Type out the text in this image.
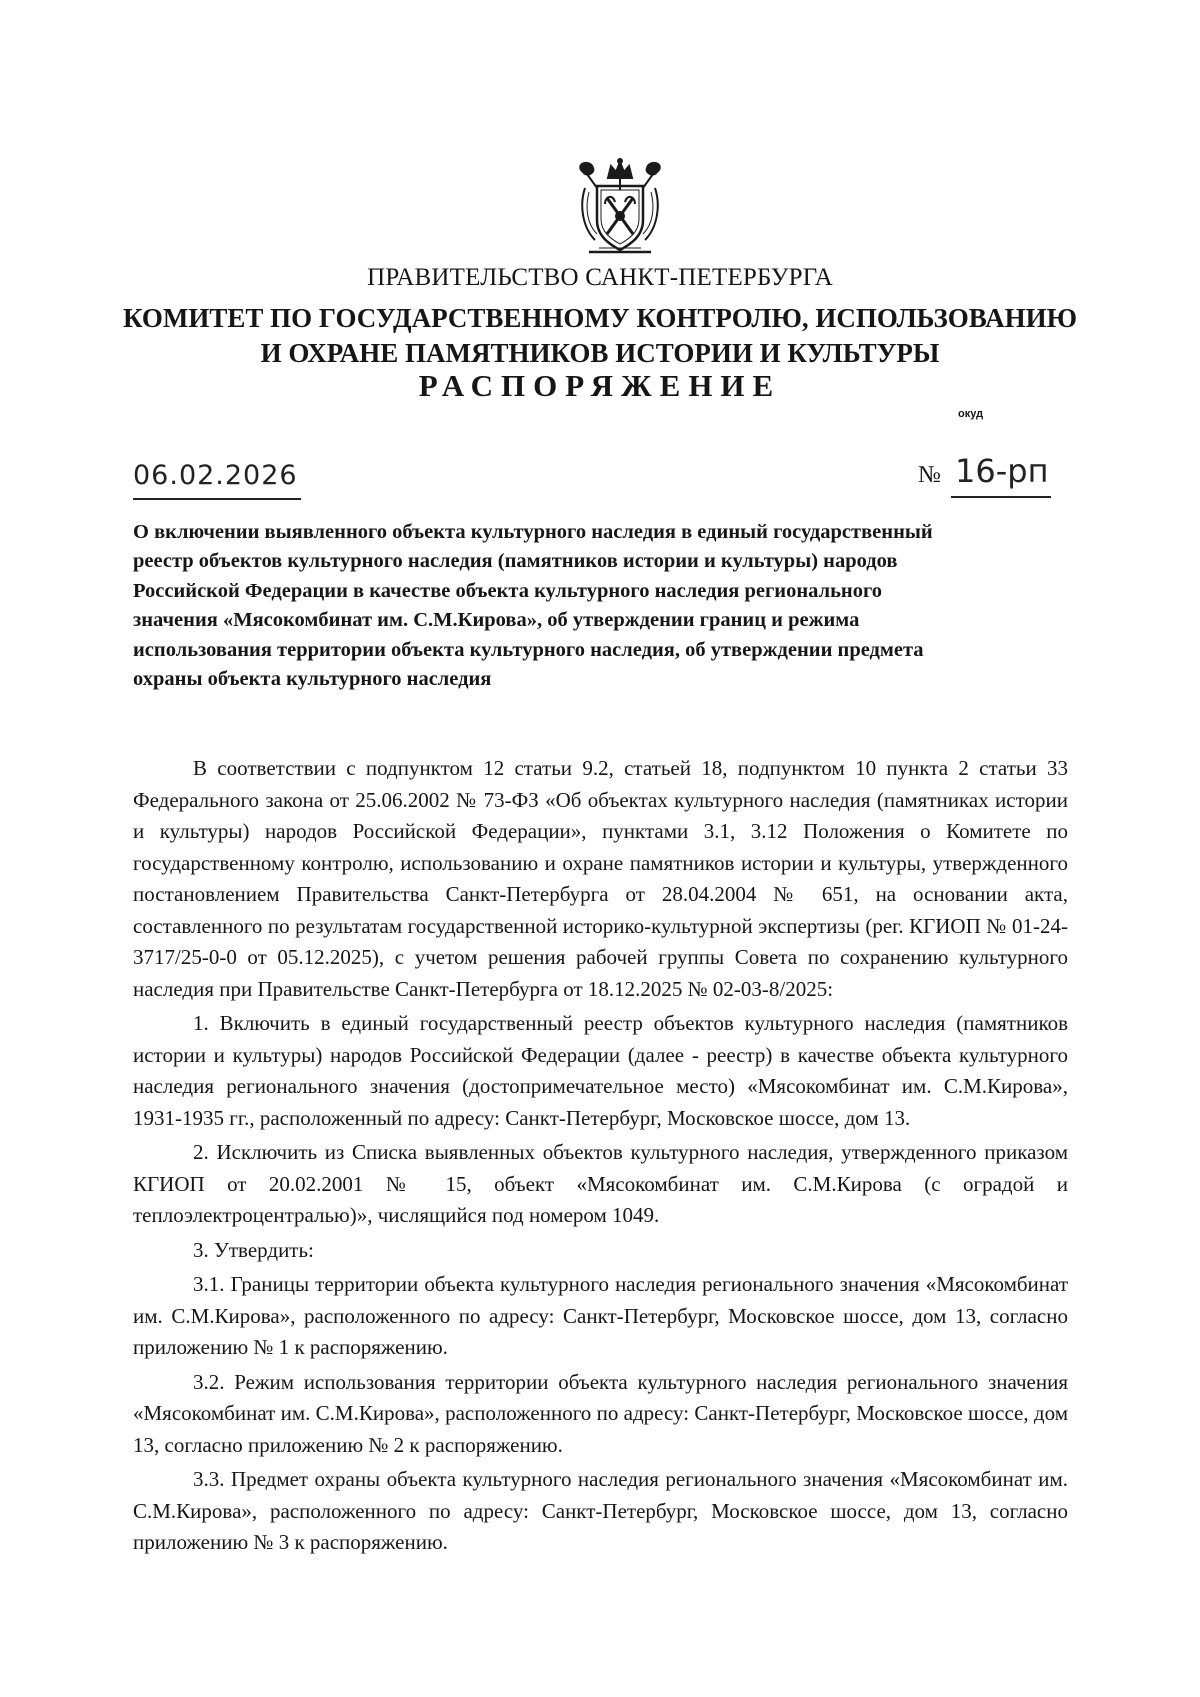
ПРАВИТЕЛЬСТВО САНКТ-ПЕТЕРБУРГА
КОМИТЕТ ПО ГОСУДАРСТВЕННОМУ КОНТРОЛЮ, ИСПОЛЬЗОВАНИЮ
И ОХРАНЕ ПАМЯТНИКОВ ИСТОРИИ И КУЛЬТУРЫ
РАСПОРЯЖЕНИЕ
окуд
06.02.2026	№ 16-рп
О включении выявленного объекта культурного наследия в единый государственный реестр объектов культурного наследия (памятников истории и культуры) народов Российской Федерации в качестве объекта культурного наследия регионального значения «Мясокомбинат им. С.М.Кирова», об утверждении границ и режима использования территории объекта культурного наследия, об утверждении предмета охраны объекта культурного наследия

В соответствии с подпунктом 12 статьи 9.2, статьей 18, подпунктом 10 пункта 2 статьи 33 Федерального закона от 25.06.2002 № 73-ФЗ «Об объектах культурного наследия (памятниках истории и культуры) народов Российской Федерации», пунктами 3.1, 3.12 Положения о Комитете по государственному контролю, использованию и охране памятников истории и культуры, утвержденного постановлением Правительства Санкт-Петербурга от 28.04.2004 № 651, на основании акта, составленного по результатам государственной историко-культурной экспертизы (рег. КГИОП № 01-24-3717/25-0-0 от 05.12.2025), с учетом решения рабочей группы Совета по сохранению культурного наследия при Правительстве Санкт-Петербурга от 18.12.2025 № 02-03-8/2025:

1. Включить в единый государственный реестр объектов культурного наследия (памятников истории и культуры) народов Российской Федерации (далее - реестр) в качестве объекта культурного наследия регионального значения (достопримечательное место) «Мясокомбинат им. С.М.Кирова», 1931-1935 гг., расположенный по адресу: Санкт-Петербург, Московское шоссе, дом 13.

2. Исключить из Списка выявленных объектов культурного наследия, утвержденного приказом КГИОП от 20.02.2001 № 15, объект «Мясокомбинат им. С.М.Кирова (с оградой и теплоэлектроцентралью)», числящийся под номером 1049.

3. Утвердить:

3.1. Границы территории объекта культурного наследия регионального значения «Мясокомбинат им. С.М.Кирова», расположенного по адресу: Санкт-Петербург, Московское шоссе, дом 13, согласно приложению № 1 к распоряжению.

3.2. Режим использования территории объекта культурного наследия регионального значения «Мясокомбинат им. С.М.Кирова», расположенного по адресу: Санкт-Петербург, Московское шоссе, дом 13, согласно приложению № 2 к распоряжению.

3.3. Предмет охраны объекта культурного наследия регионального значения «Мясокомбинат им. С.М.Кирова», расположенного по адресу: Санкт-Петербург, Московское шоссе, дом 13, согласно приложению № 3 к распоряжению.
